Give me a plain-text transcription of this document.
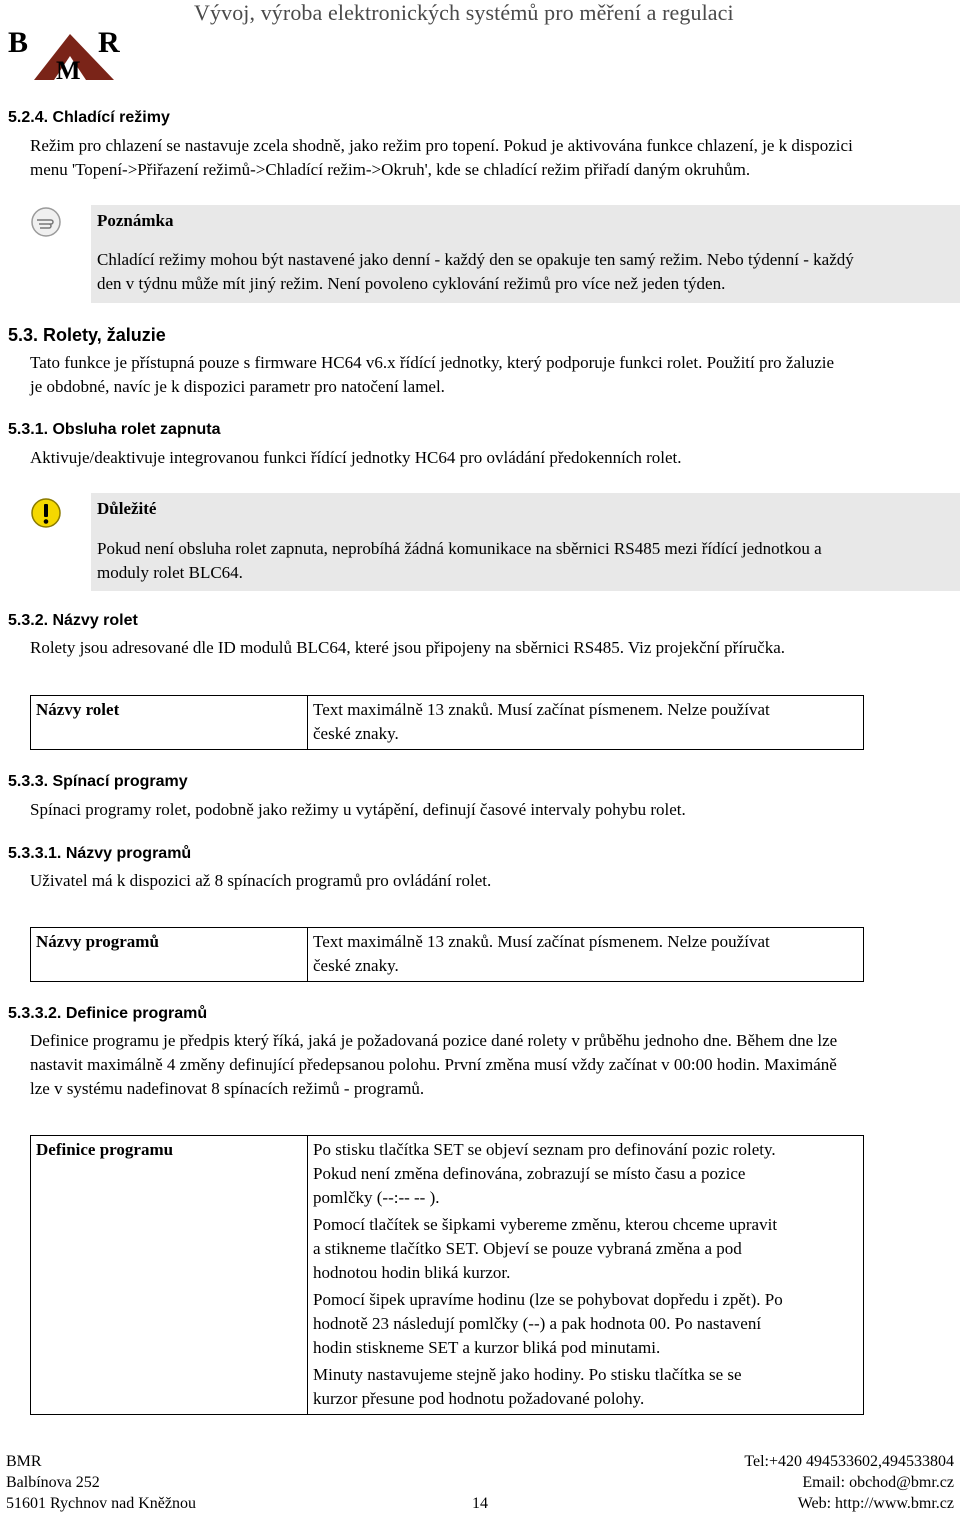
Vývoj, výroba elektronických systémů pro měření a regulaci
B R
M
5.2.4. Chladící režimy
Režim pro chlazení se nastavuje zcela shodně, jako režim pro topení. Pokud je aktivována funkce chlazení, je k dispozici
menu 'Topení->Přiřazení režimů->Chladící režim->Okruh', kde se chladící režim přiřadí daným okruhům.
Poznámka
Chladící režimy mohou být nastavené jako denní - každý den se opakuje ten samý režim. Nebo týdenní - každý
den v týdnu může mít jiný režim. Není povoleno cyklování režimů pro více než jeden týden.
5.3. Rolety, žaluzie
Tato funkce je přístupná pouze s firmware HC64 v6.x řídící jednotky, který podporuje funkci rolet. Použití pro žaluzie
je obdobné, navíc je k dispozici parametr pro natočení lamel.
5.3.1. Obsluha rolet zapnuta
Aktivuje/deaktivuje integrovanou funkci řídící jednotky HC64 pro ovládání předokenních rolet.
Důležité
Pokud není obsluha rolet zapnuta, neprobíhá žádná komunikace na sběrnici RS485 mezi řídící jednotkou a
moduly rolet BLC64.
5.3.2. Názvy rolet
Rolety jsou adresované dle ID modulů BLC64, které jsou připojeny na sběrnici RS485. Viz projekční příručka.
Názvy rolet	Text maximálně 13 znaků. Musí začínat písmenem. Nelze používat
české znaky.
5.3.3. Spínací programy
Spínaci programy rolet, podobně jako režimy u vytápění, definují časové intervaly pohybu rolet.
5.3.3.1. Názvy programů
Uživatel má k dispozici až 8 spínacích programů pro ovládání rolet.
Názvy programů	Text maximálně 13 znaků. Musí začínat písmenem. Nelze používat
české znaky.
5.3.3.2. Definice programů
Definice programu je předpis který říká, jaká je požadovaná pozice dané rolety v průběhu jednoho dne. Během dne lze
nastavit maximálně 4 změny definující předepsanou polohu. První změna musí vždy začínat v 00:00 hodin. Maximáně
lze v systému nadefinovat 8 spínacích režimů - programů.
Definice programu	Po stisku tlačítka SET se objeví seznam pro definování pozic rolety.
Pokud není změna definována, zobrazují se místo času a pozice
pomlčky (--:-- -- ).
Pomocí tlačítek se šipkami vybereme změnu, kterou chceme upravit
a stikneme tlačítko SET. Objeví se pouze vybraná změna a pod
hodnotou hodin bliká kurzor.
Pomocí šipek upravíme hodinu (lze se pohybovat dopředu i zpět). Po
hodnotě 23 následují pomlčky (--) a pak hodnota 00. Po nastavení
hodin stiskneme SET a kurzor bliká pod minutami.
Minuty nastavujeme stejně jako hodiny. Po stisku tlačítka se se
kurzor přesune pod hodnotu požadované polohy.
BMR
Balbínova 252
51601 Rychnov nad Kněžnou	14
Tel:+420 494533602,494533804
Email: obchod@bmr.cz
Web: http://www.bmr.cz
